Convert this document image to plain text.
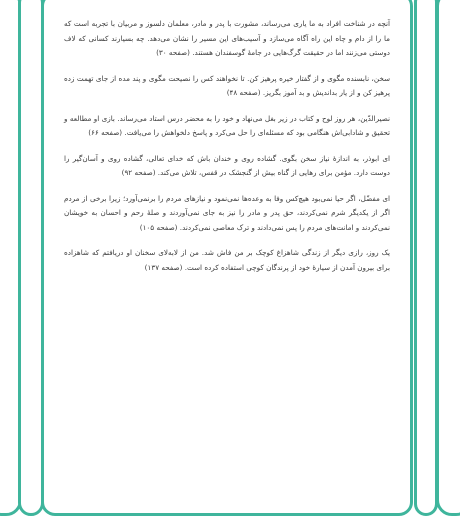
آنچه در شناخت افراد به ما یاری می‌رساند، مشورت با پدر و مادر، معلمان دلسوز و مربیان با تجربه است که ما را از دام و چاه این راه آگاه می‌سازد و آسیب‌های این مسیر را نشان می‌دهد. چه بسیارند کسانی که لاف دوستی می‌زنند اما در حقیقت گرگ‌هایی در جامهٔ گوسفندان هستند. (صفحه ۳۰)

سخن، نابسنده مگوی و از گفتار خیره پرهیز کن. تا نخواهند کس را نصیحت مگوی و پند مده از جای تهمت زده پرهیز کن و از یار بدانديش و بد آموز بگریز. (صفحه ۴۸)

نصیرالدّین، هر روز لوح و کتاب در زیر بغل می‌نهاد و خود را به محضر درس استاد می‌رساند. بازی او مطالعه و تحقیق و شادابی‌اش هنگامی بود که مسئله‌ای را حل می‌کرد و پاسخ دلخواهش را می‌یافت. (صفحه ۶۶)

ای ابوذر، به اندازهٔ نیاز سخن بگوی. گشاده روی و خندان باش که خدای تعالی، گشاده روی و آسان‌گیر را دوست دارد. مؤمن برای رهایی از گناه بیش از گنجشک در قفس، تلاش می‌کند. (صفحه ۹۲)

ای مفضّل، اگر حیا نمی‌بود هیچ‌کس وفا به وعده‌ها نمی‌نمود و نیازهای مردم را برنمی‌آورد؛ زیرا برخی از مردم اگر از یکدیگر شرم نمی‌کردند، حق پدر و مادر را نیز به جای نمی‌آوردند و صلهٔ رحم و احسان به خویشان نمی‌کردند و امانت‌های مردم را پس نمی‌دادند و ترک معاصی نمی‌کردند. (صفحه ۱۰۵)

یک روز، رازی دیگر از زندگی شاهزاغ کوچک بر من فاش شد. من از لابه‌لای سخنان او دریافتم که شاهزاده برای بیرون آمدن از سیارهٔ خود از پرندگان کوچی استفاده کرده است. (صفحه ۱۳۷)
